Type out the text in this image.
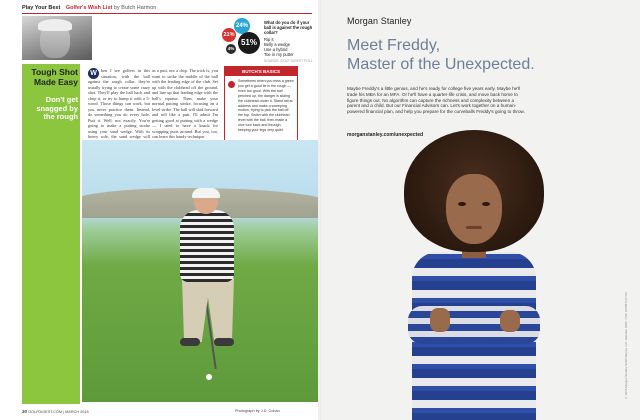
Play Your Best Golfer's Wish List by Butch Harmon
24%
21%
4%
51%
What do you do if your ball is against the rough collar?
Rip it
Belly a wedge
Use a hybrid
Toe in my putter
SOURCE: GOLF DIGEST POLL
Tough Shot Made Easy
Don't get snagged by the rough
W hen I see golfers in this situation, with the ball against the rough collar, they're usually trying to create some crazy shot. They'll play the ball back and chop it, or try to bump it with a 5-wood. Those things can work, but you never practice them. Instead, do something you do every hole. Putt it. Well, not exactly. You're going to make a putting stroke using your sand wedge. With its heavy sole, the sand wedge will
as a putt, not a chip. The trick is, you want to strike the middle of the ball with the leading edge of the club. Set up with the clubhead off the ground, and line up that leading edge with the ball's equator. Then, make your normal putting stroke, focusing on a level strike. The ball will skid forward and roll like a putt. I'll admit I'm getting good at putting with a wedge — I used to have a knack for scrapping putts around. But you, too, can learn this handy technique.
BUTCH'S BASICS
Sometimes when you miss a green you get a good lie in the rough — even too good. With the ball perched up, the danger is sliding the clubhead under it. Stand tall at address and make a sweeping motion, trying to pick the ball off the top. Swish with the clubhead level with the ball, then make a nice turn back and through, keeping your legs very quiet.
30 GOLFDIGEST.COM | MARCH 2015	Photograph by J.D. Cuban
Morgan Stanley
Meet Freddy,
Master of the Unexpected.
Maybe Freddy's a little genius, and he's ready for college five years early. Maybe he'll trade his MBA for an MFA. Or he'll have a quarter-life crisis, and move back home to figure things out. No algorithm can capture the richness and complexity between a parent and a child. But our Financial Advisors can. Let's work together on a human-powered financial plan, and help you prepare for the curveballs Freddy's going to throw.
morganstanley.com/unexpected
© 2015 Morgan Stanley Smith Barney LLC. Member SIPC. CRC 1065873 07/16
